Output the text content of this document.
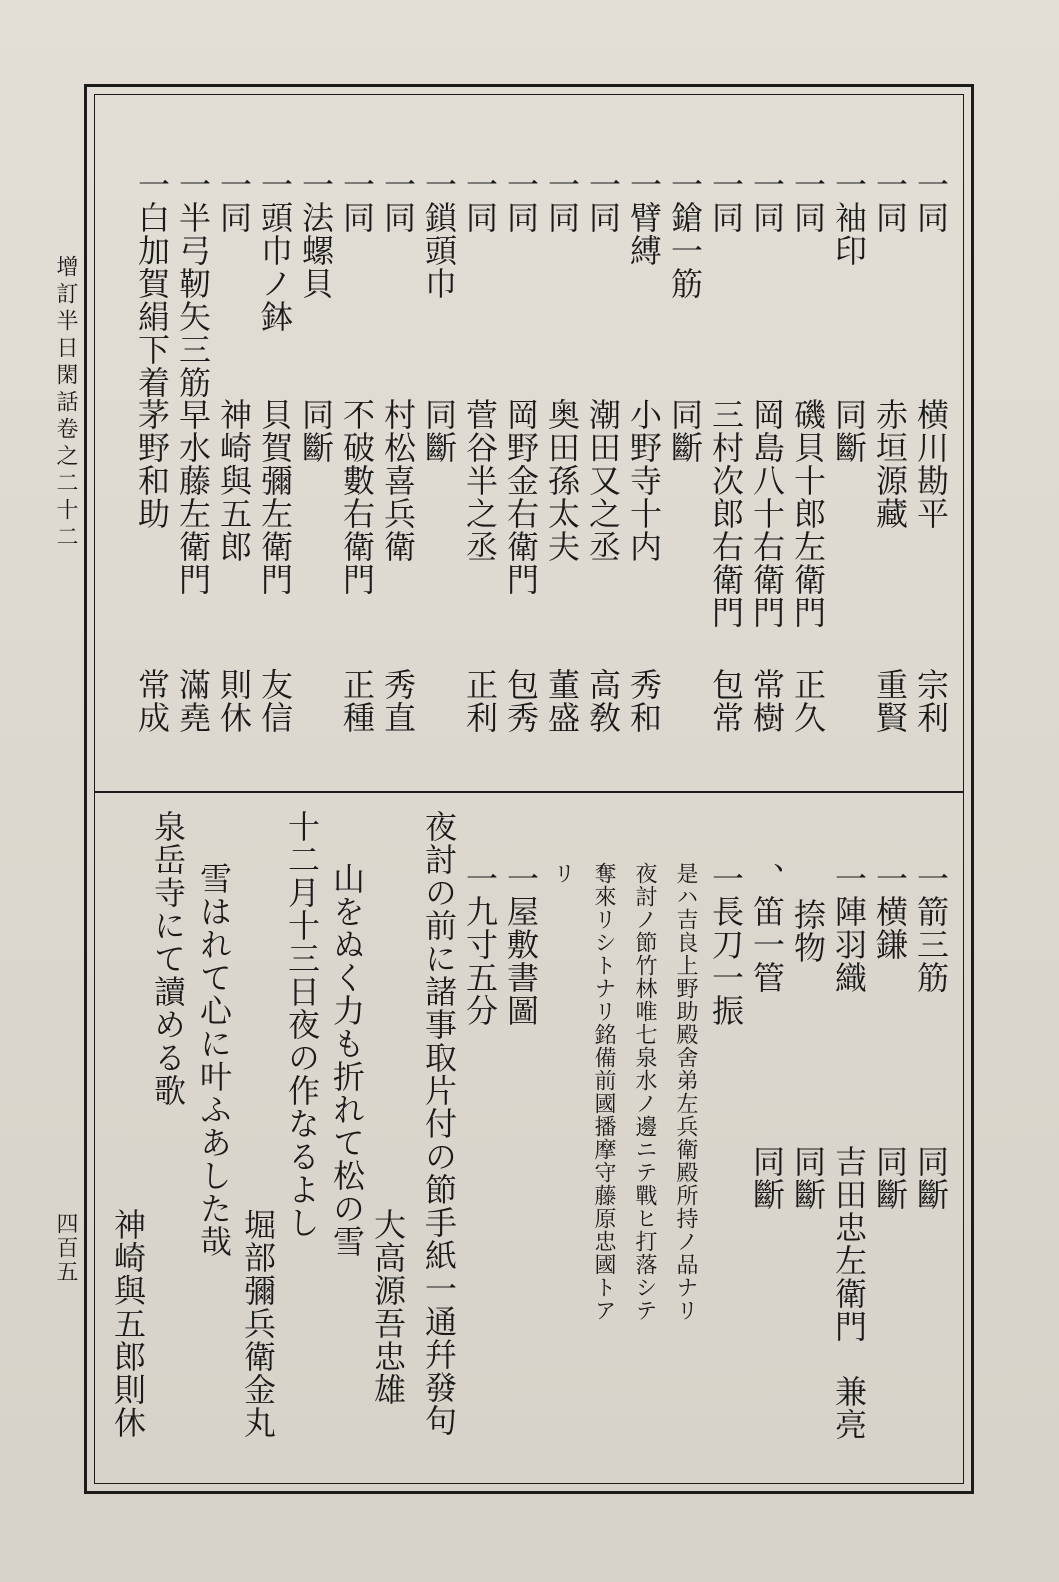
增訂半日閑話卷之二十二
四百五
一同
横川勘平
宗利
一同
赤垣源藏
重賢
一袖印
同斷
一同
磯貝十郎左衛門
正久
一同
岡島八十右衛門
常樹
一同
三村次郎右衛門
包常
一鎗一筋
同斷
一臂縛
小野寺十内
秀和
一同
潮田又之丞
高敎
一同
奥田孫太夫
董盛
一同
岡野金右衛門
包秀
一同
菅谷半之丞
正利
一鎖頭巾
同斷
一同
村松喜兵衛
秀直
一同
不破數右衛門
正種
一法螺貝
同斷
一頭巾ノ鉢
貝賀彌左衛門
友信
一同
神崎與五郎
則休
一半弓靭矢三筋
早水藤左衛門
滿堯
一白加賀絹下着
茅野和助
常成
一箭三筋
同斷
一横鎌
同斷
一陣羽織
吉田忠左衛門
兼亮
捺物
同斷
、笛一管
同斷
一長刀一振
是ハ吉良上野助殿舍弟左兵衛殿所持ノ品ナリ
夜討ノ節竹林唯七泉水ノ邊ニテ戰ヒ打落シテ
奪來リシトナリ銘備前國播摩守藤原忠國トア
リ
一屋敷書圖
一九寸五分
夜討の前に諸事取片付の節手紙一通幷發句
大高源吾忠雄
山をぬく力も折れて松の雪
十二月十三日夜の作なるよし
堀部彌兵衛金丸
雪はれて心に叶ふあした哉
泉岳寺にて讀める歌
神崎與五郎則休
